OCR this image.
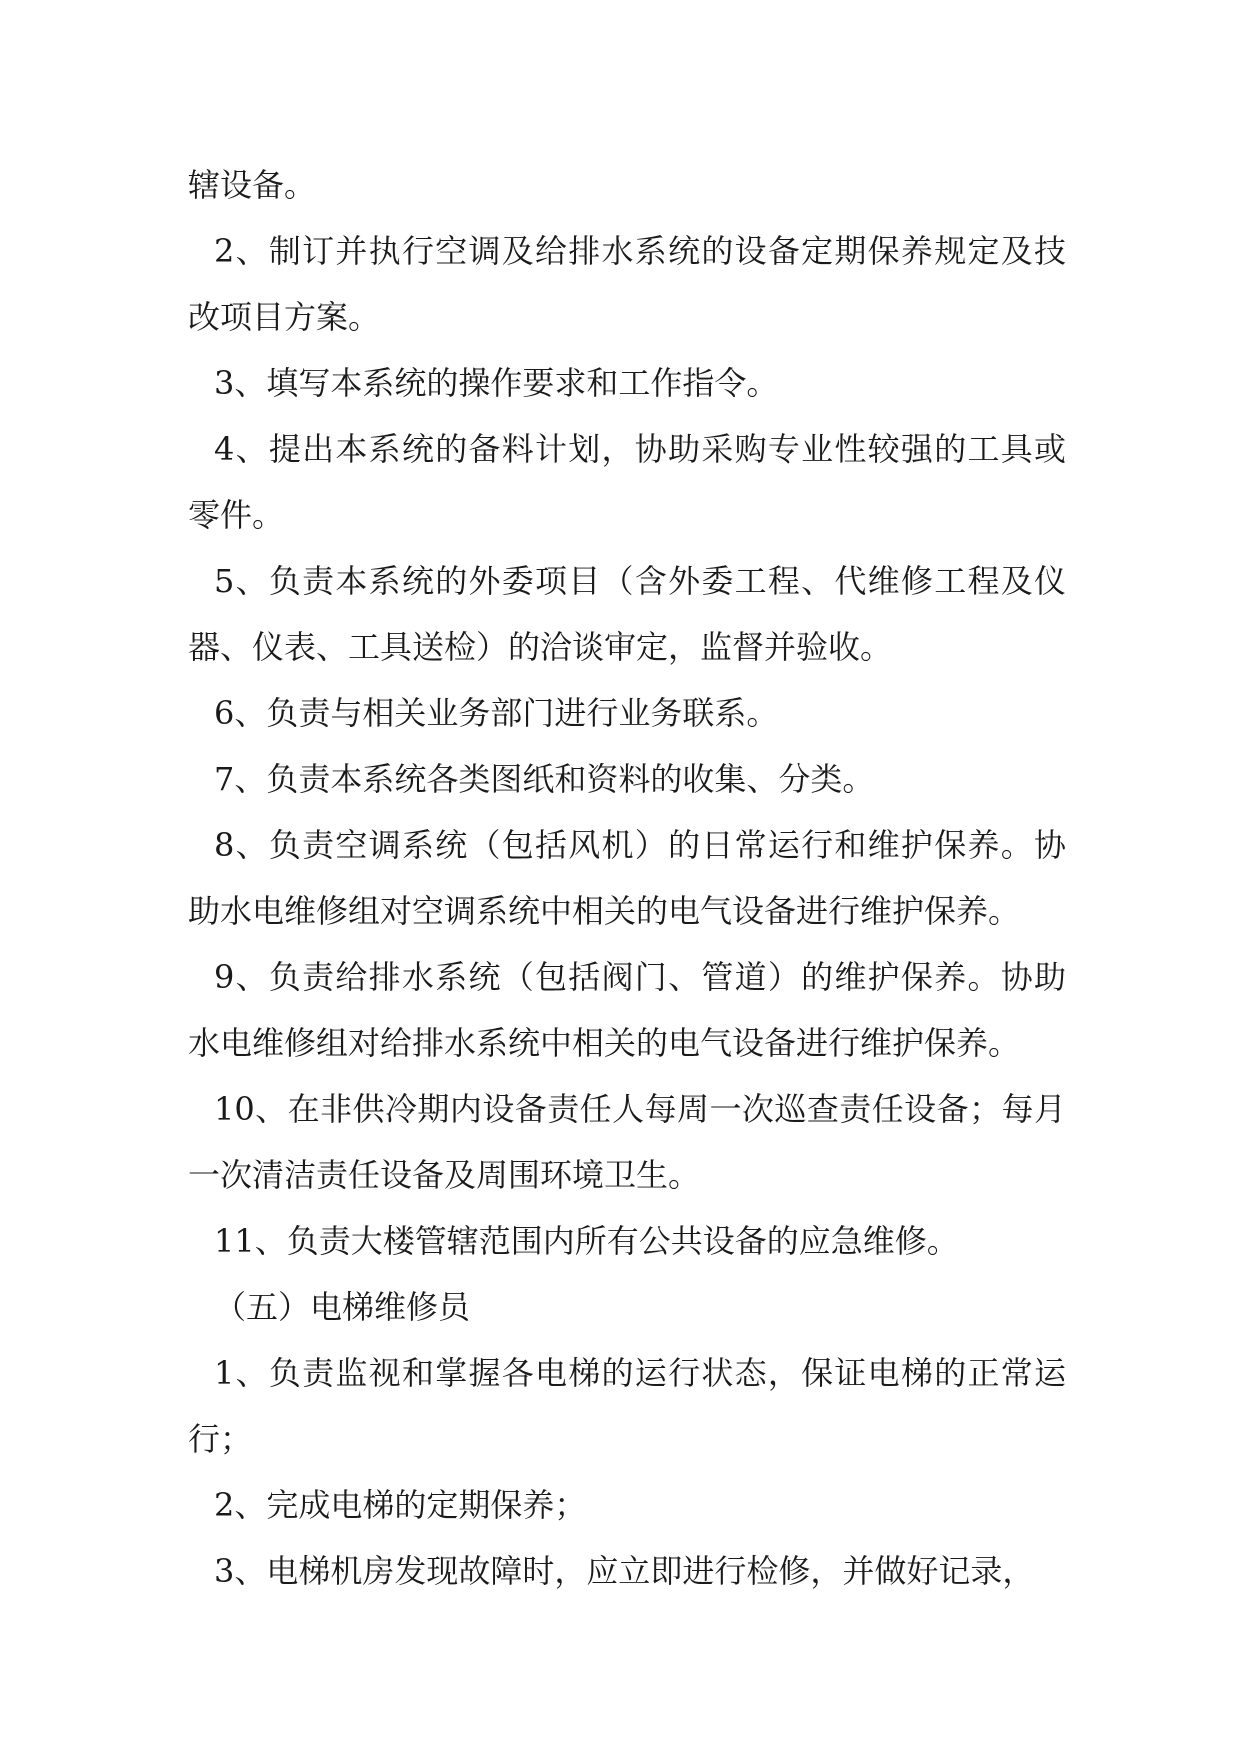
辖设备。

2、制订并执行空调及给排水系统的设备定期保养规定及技改项目方案。

3、填写本系统的操作要求和工作指令。

4、提出本系统的备料计划，协助采购专业性较强的工具或零件。

5、负责本系统的外委项目（含外委工程、代维修工程及仪器、仪表、工具送检）的洽谈审定，监督并验收。

6、负责与相关业务部门进行业务联系。

7、负责本系统各类图纸和资料的收集、分类。

8、负责空调系统（包括风机）的日常运行和维护保养。协助水电维修组对空调系统中相关的电气设备进行维护保养。

9、负责给排水系统（包括阀门、管道）的维护保养。协助水电维修组对给排水系统中相关的电气设备进行维护保养。

10、在非供冷期内设备责任人每周一次巡查责任设备；每月一次清洁责任设备及周围环境卫生。

11、负责大楼管辖范围内所有公共设备的应急维修。

（五）电梯维修员

1、负责监视和掌握各电梯的运行状态，保证电梯的正常运行；

2、完成电梯的定期保养；

3、电梯机房发现故障时，应立即进行检修，并做好记录，
